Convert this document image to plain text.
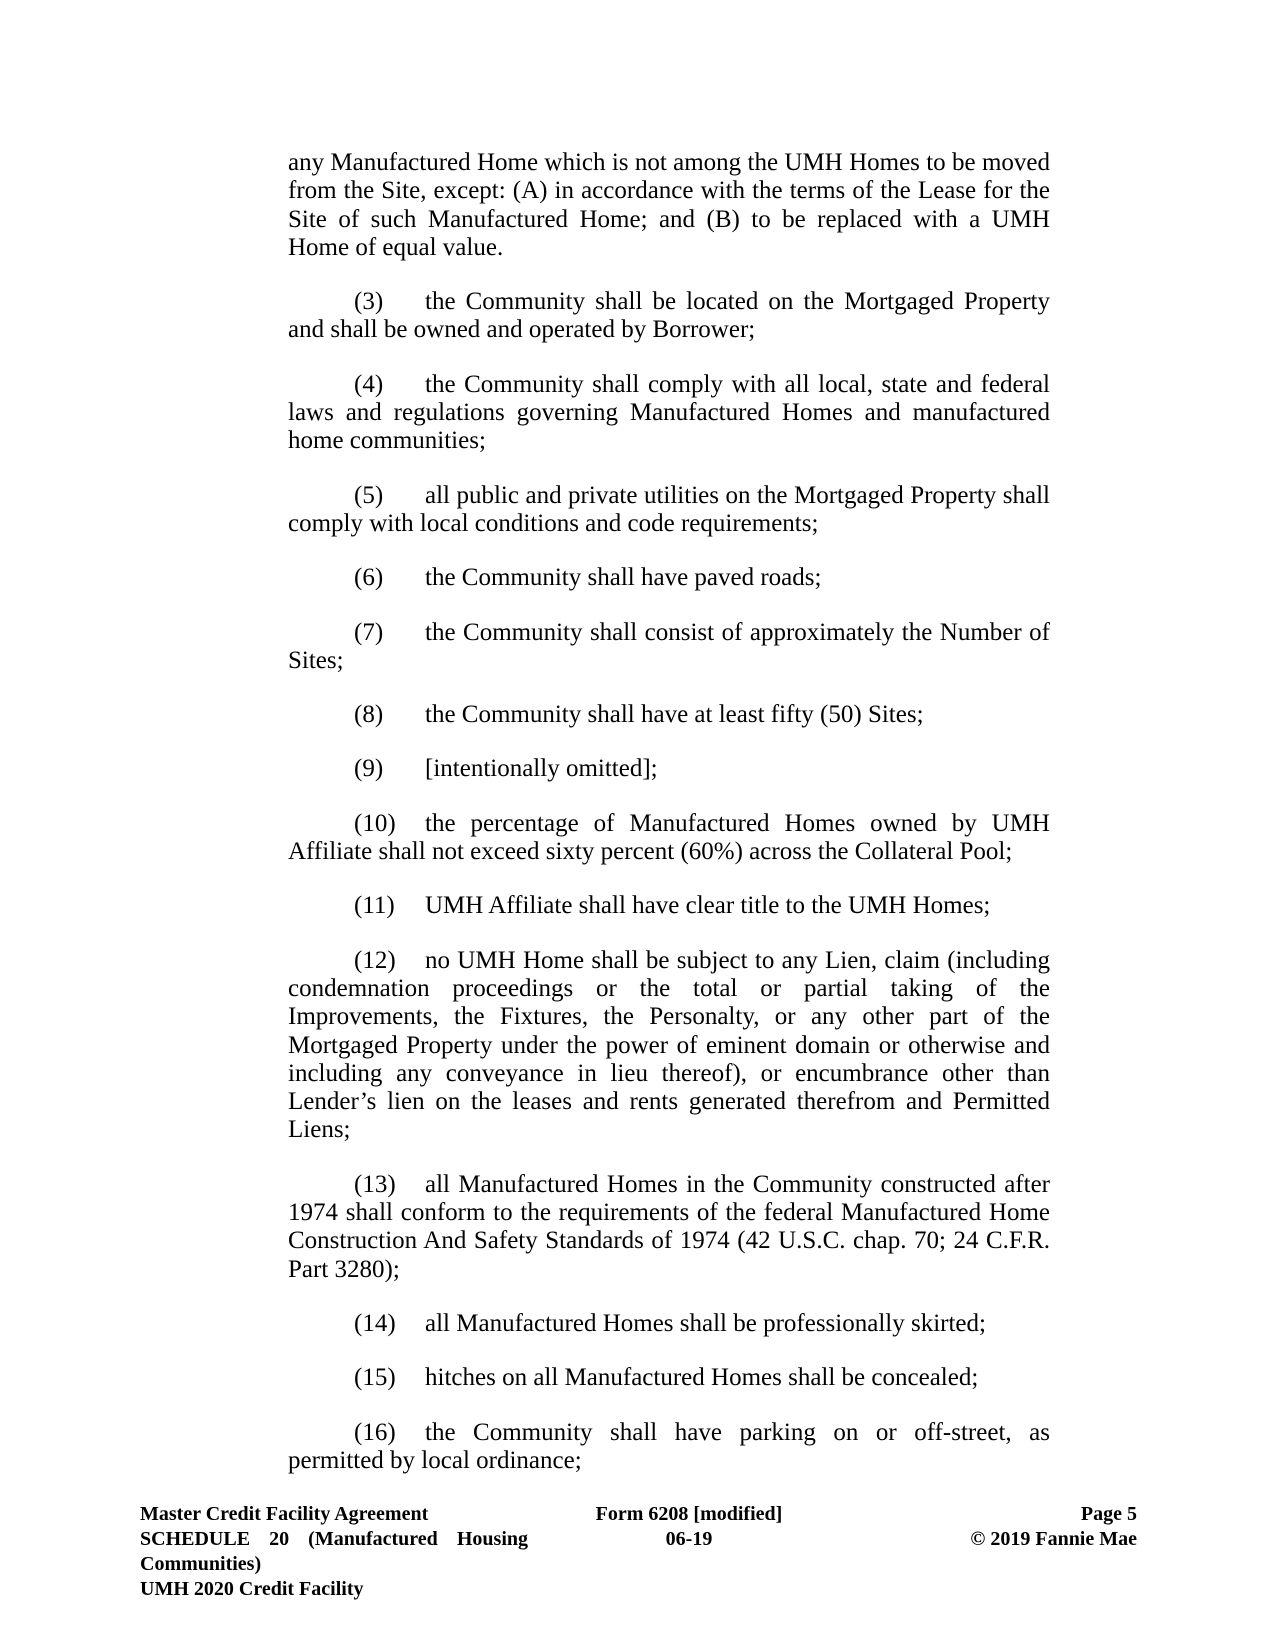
any Manufactured Home which is not among the UMH Homes to be moved from the Site, except: (A) in accordance with the terms of the Lease for the Site of such Manufactured Home; and (B) to be replaced with a UMH Home of equal value.

(3) the Community shall be located on the Mortgaged Property and shall be owned and operated by Borrower;

(4) the Community shall comply with all local, state and federal laws and regulations governing Manufactured Homes and manufactured home communities;

(5) all public and private utilities on the Mortgaged Property shall comply with local conditions and code requirements;

(6) the Community shall have paved roads;

(7) the Community shall consist of approximately the Number of Sites;

(8) the Community shall have at least fifty (50) Sites;

(9) [intentionally omitted];

(10) the percentage of Manufactured Homes owned by UMH Affiliate shall not exceed sixty percent (60%) across the Collateral Pool;

(11) UMH Affiliate shall have clear title to the UMH Homes;

(12) no UMH Home shall be subject to any Lien, claim (including condemnation proceedings or the total or partial taking of the Improvements, the Fixtures, the Personalty, or any other part of the Mortgaged Property under the power of eminent domain or otherwise and including any conveyance in lieu thereof), or encumbrance other than Lender’s lien on the leases and rents generated therefrom and Permitted Liens;

(13) all Manufactured Homes in the Community constructed after 1974 shall conform to the requirements of the federal Manufactured Home Construction And Safety Standards of 1974 (42 U.S.C. chap. 70; 24 C.F.R. Part 3280);

(14) all Manufactured Homes shall be professionally skirted;

(15) hitches on all Manufactured Homes shall be concealed;

(16) the Community shall have parking on or off-street, as permitted by local ordinance;

Master Credit Facility Agreement
SCHEDULE 20 (Manufactured Housing Communities)
UMH 2020 Credit Facility
Form 6208 [modified]
06-19
Page 5
© 2019 Fannie Mae
